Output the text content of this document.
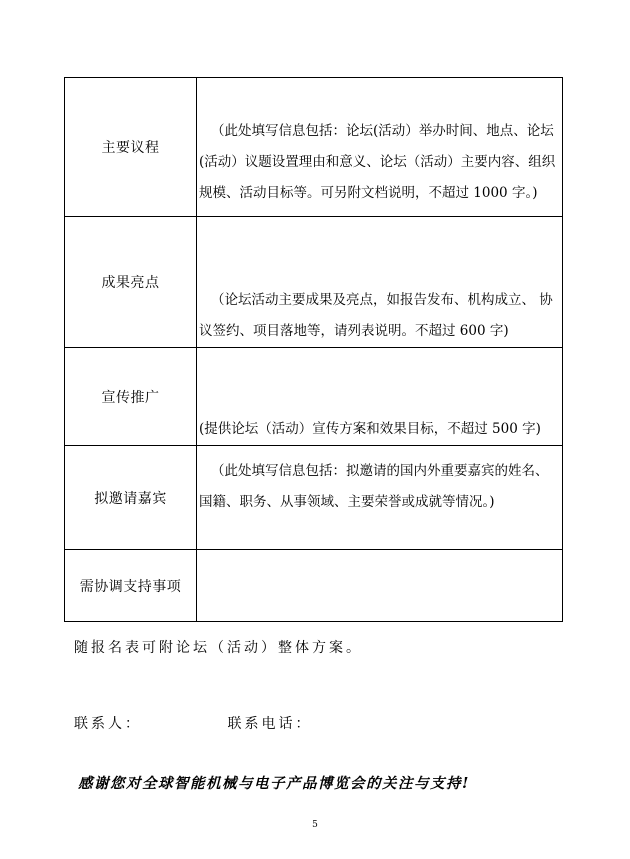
主要议程	（此处填写信息包括：论坛(活动）举办时间、地点、论坛(活动）议题设置理由和意义、论坛（活动）主要内容、组织规模、活动目标等。可另附文档说明，不超过 1000 字。)

成果亮点	（论坛活动主要成果及亮点，如报告发布、机构成立、 协议签约、项目落地等，请列表说明。不超过 600 字)

宣传推广	(提供论坛（活动）宣传方案和效果目标，不超过 500 字)

拟邀请嘉宾	（此处填写信息包括：拟邀请的国内外重要嘉宾的姓名、 国籍、职务、从事领域、主要荣誉或成就等情况。)

需协调支持事项	
随报名表可附论坛（活动）整体方案。
联系人：	联系电话：
感谢您对全球智能机械与电子产品博览会的关注与支持!
5
